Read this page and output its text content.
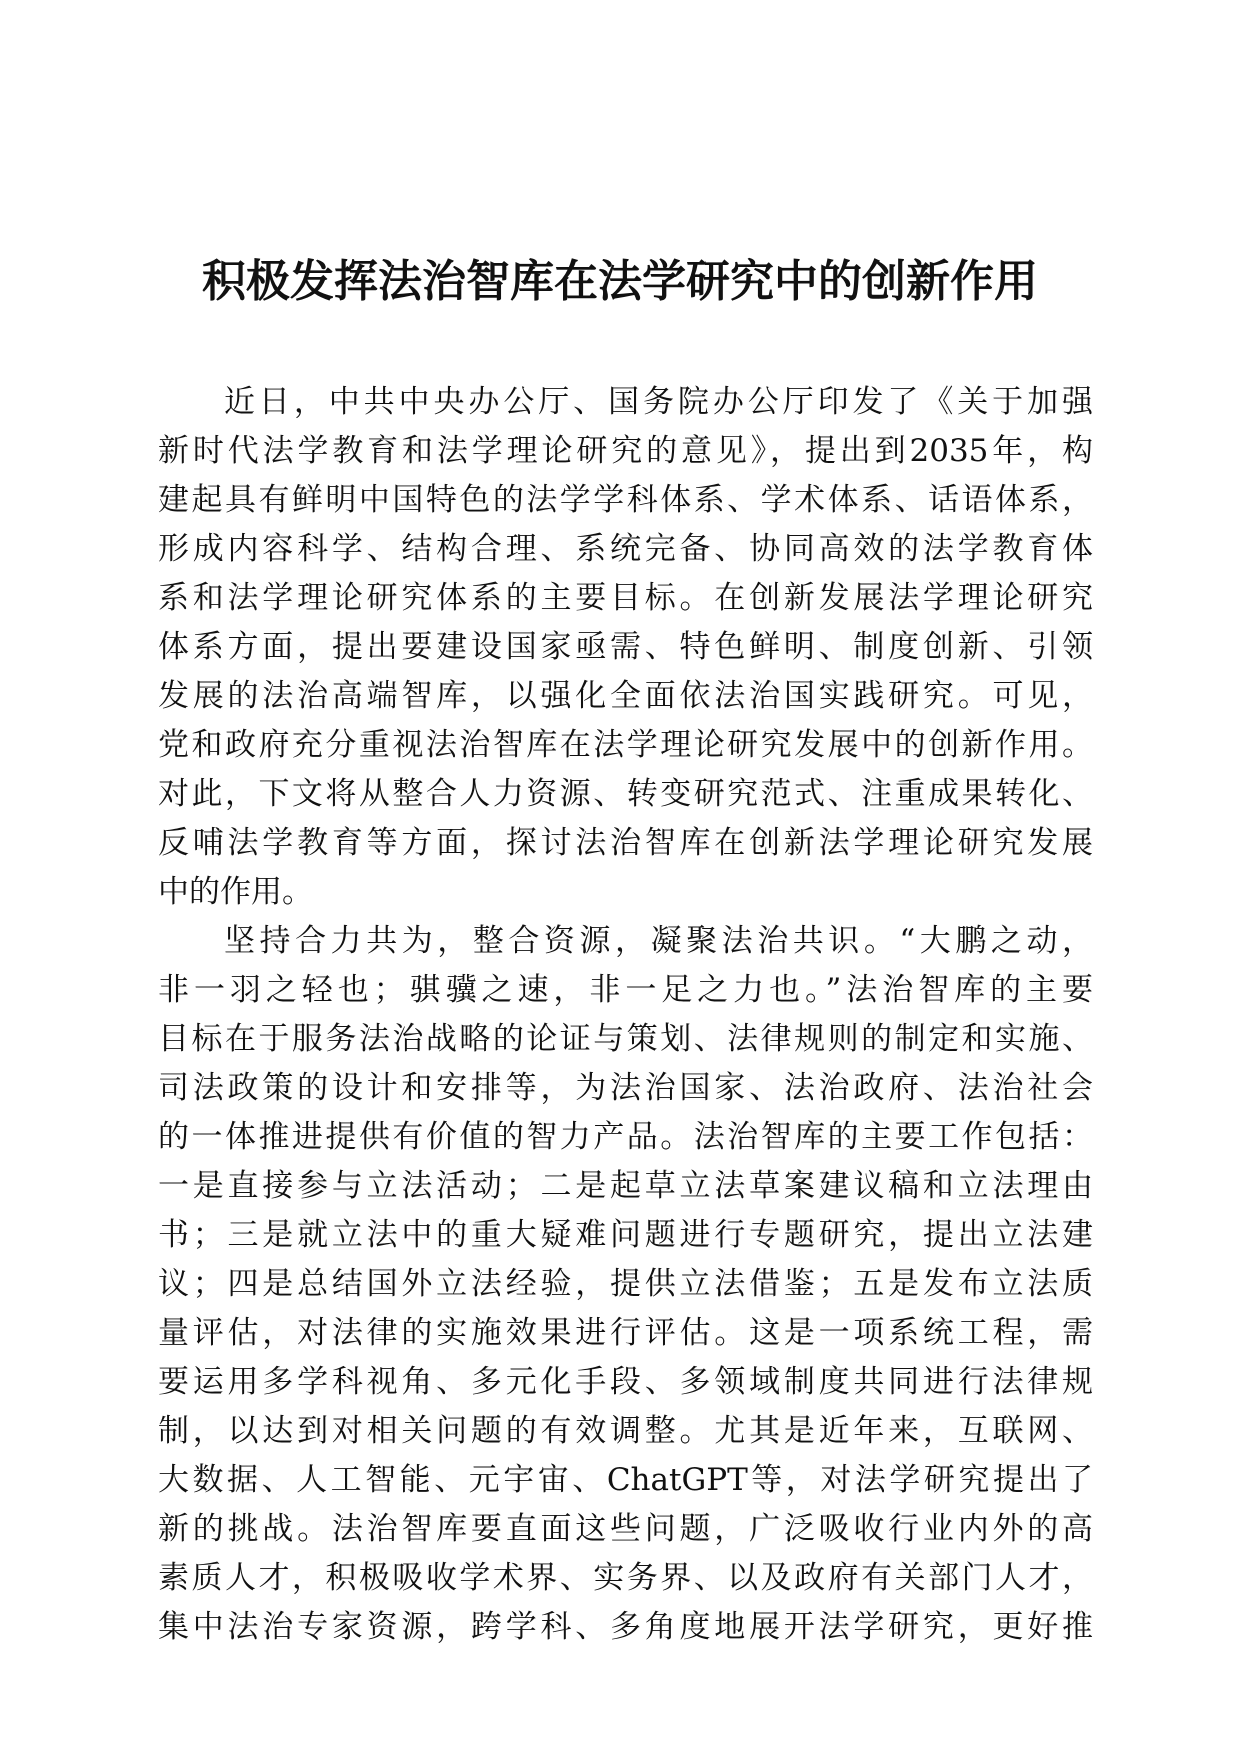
积极发挥法治智库在法学研究中的创新作用
近日，中共中央办公厅、国务院办公厅印发了《关于加强
新时代法学教育和法学理论研究的意见》，提出到2035年，构
建起具有鲜明中国特色的法学学科体系、学术体系、话语体系，
形成内容科学、结构合理、系统完备、协同高效的法学教育体
系和法学理论研究体系的主要目标。在创新发展法学理论研究
体系方面，提出要建设国家亟需、特色鲜明、制度创新、引领
发展的法治高端智库，以强化全面依法治国实践研究。可见，
党和政府充分重视法治智库在法学理论研究发展中的创新作用。
对此，下文将从整合人力资源、转变研究范式、注重成果转化、
反哺法学教育等方面，探讨法治智库在创新法学理论研究发展
中的作用。
坚持合力共为，整合资源，凝聚法治共识。“大鹏之动，
非一羽之轻也；骐骥之速，非一足之力也。”法治智库的主要
目标在于服务法治战略的论证与策划、法律规则的制定和实施、
司法政策的设计和安排等，为法治国家、法治政府、法治社会
的一体推进提供有价值的智力产品。法治智库的主要工作包括：
一是直接参与立法活动；二是起草立法草案建议稿和立法理由
书；三是就立法中的重大疑难问题进行专题研究，提出立法建
议；四是总结国外立法经验，提供立法借鉴；五是发布立法质
量评估，对法律的实施效果进行评估。这是一项系统工程，需
要运用多学科视角、多元化手段、多领域制度共同进行法律规
制，以达到对相关问题的有效调整。尤其是近年来，互联网、
大数据、人工智能、元宇宙、ChatGPT等，对法学研究提出了
新的挑战。法治智库要直面这些问题，广泛吸收行业内外的高
素质人才，积极吸收学术界、实务界、以及政府有关部门人才，
集中法治专家资源，跨学科、多角度地展开法学研究，更好推
